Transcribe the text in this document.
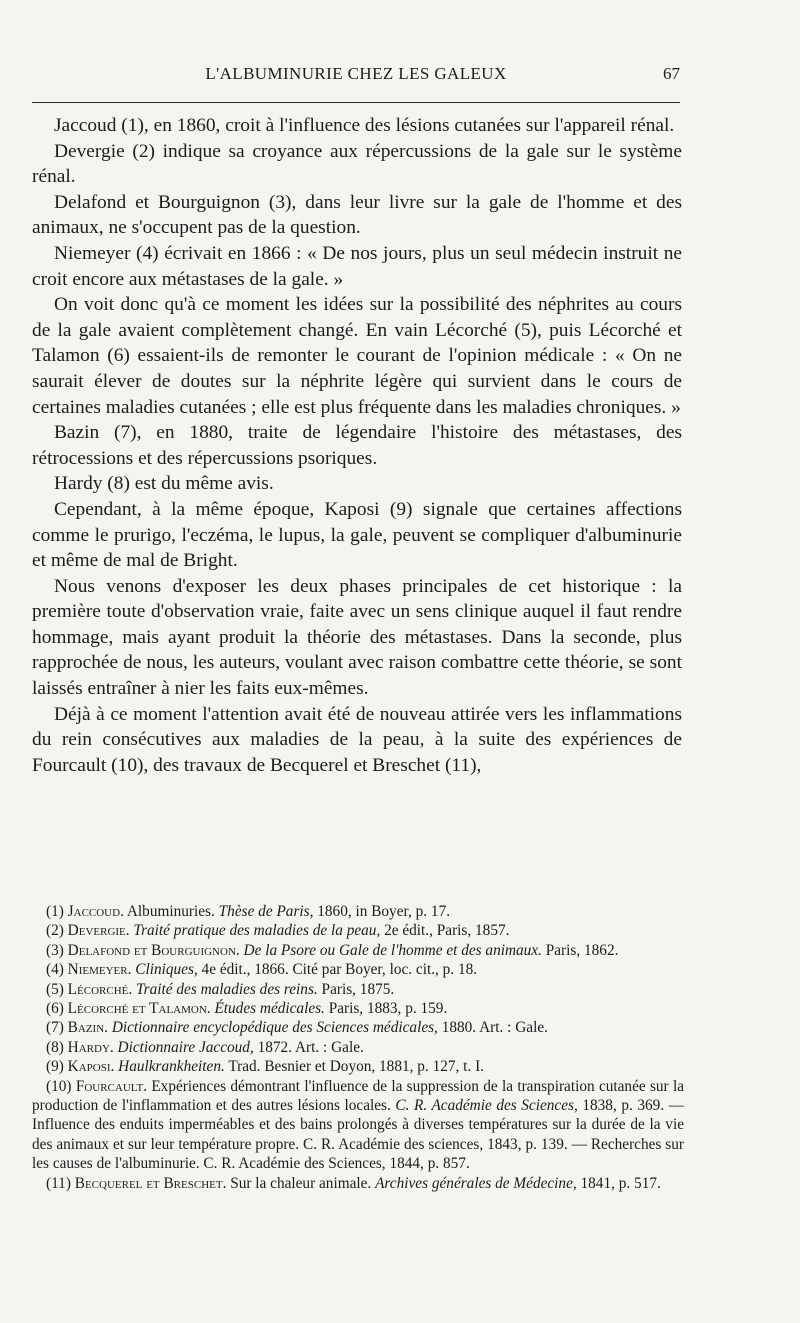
L'ALBUMINURIE CHEZ LES GALEUX	67

Jaccoud (1), en 1860, croit à l'influence des lésions cutanées sur l'appareil rénal.

Devergie (2) indique sa croyance aux répercussions de la gale sur le système rénal.

Delafond et Bourguignon (3), dans leur livre sur la gale de l'homme et des animaux, ne s'occupent pas de la question.

Niemeyer (4) écrivait en 1866 : « De nos jours, plus un seul médecin instruit ne croit encore aux métastases de la gale. »

On voit donc qu'à ce moment les idées sur la possibilité des néphrites au cours de la gale avaient complètement changé. En vain Lécorché (5), puis Lécorché et Talamon (6) essaient-ils de remonter le courant de l'opinion médicale : « On ne saurait élever de doutes sur la néphrite légère qui survient dans le cours de certaines maladies cutanées ; elle est plus fréquente dans les maladies chroniques. »

Bazin (7), en 1880, traite de légendaire l'histoire des métastases, des rétrocessions et des répercussions psoriques.

Hardy (8) est du même avis.

Cependant, à la même époque, Kaposi (9) signale que certaines affections comme le prurigo, l'eczéma, le lupus, la gale, peuvent se compliquer d'albuminurie et même de mal de Bright.

Nous venons d'exposer les deux phases principales de cet historique : la première toute d'observation vraie, faite avec un sens clinique auquel il faut rendre hommage, mais ayant produit la théorie des métastases. Dans la seconde, plus rapprochée de nous, les auteurs, voulant avec raison combattre cette théorie, se sont laissés entraîner à nier les faits eux-mêmes.

Déjà à ce moment l'attention avait été de nouveau attirée vers les inflammations du rein consécutives aux maladies de la peau, à la suite des expériences de Fourcault (10), des travaux de Becquerel et Breschet (11),

(1) Jaccoud. Albuminuries. Thèse de Paris, 1860, in Boyer, p. 17.

(2) Devergie. Traité pratique des maladies de la peau, 2e édit., Paris, 1857.

(3) Delafond et Bourguignon. De la Psore ou Gale de l'homme et des animaux. Paris, 1862.

(4) Niemeyer. Cliniques, 4e édit., 1866. Cité par Boyer, loc. cit., p. 18.

(5) Lécorché. Traité des maladies des reins. Paris, 1875.

(6) Lécorché et Talamon. Études médicales. Paris, 1883, p. 159.

(7) Bazin. Dictionnaire encyclopédique des Sciences médicales, 1880. Art. : Gale.

(8) Hardy. Dictionnaire Jaccoud, 1872. Art. : Gale.

(9) Kaposi. Haulkrankheiten. Trad. Besnier et Doyon, 1881, p. 127, t. I.

(10) Fourcault. Expériences démontrant l'influence de la suppression de la transpiration cutanée sur la production de l'inflammation et des autres lésions locales. C. R. Académie des Sciences, 1838, p. 369. — Influence des enduits imperméables et des bains prolongés à diverses températures sur la durée de la vie des animaux et sur leur température propre. C. R. Académie des sciences, 1843, p. 139. — Recherches sur les causes de l'albuminurie. C. R. Académie des Sciences, 1844, p. 857.

(11) Becquerel et Breschet. Sur la chaleur animale. Archives générales de Médecine, 1841, p. 517.
